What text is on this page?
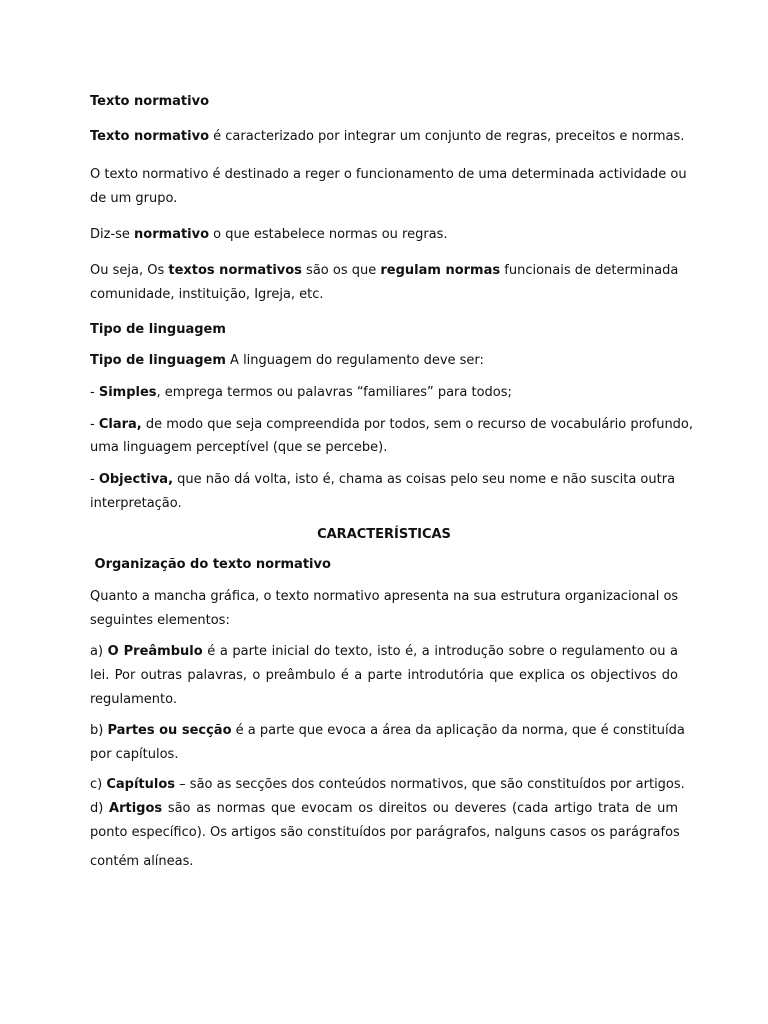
Texto normativo
Texto normativo é caracterizado por integrar um conjunto de regras, preceitos e normas.
O texto normativo é destinado a reger o funcionamento de uma determinada actividade ou
de um grupo.
Diz-se normativo o que estabelece normas ou regras.
Ou seja, Os textos normativos são os que regulam normas funcionais de determinada
comunidade, instituição, Igreja, etc.
Tipo de linguagem
Tipo de linguagem A linguagem do regulamento deve ser:
- Simples, emprega termos ou palavras “familiares” para todos;
- Clara, de modo que seja compreendida por todos, sem o recurso de vocabulário profundo,
uma linguagem perceptível (que se percebe).
- Objectiva, que não dá volta, isto é, chama as coisas pelo seu nome e não suscita outra
interpretação.
CARACTERÍSTICAS
Organização do texto normativo
Quanto a mancha gráfica, o texto normativo apresenta na sua estrutura organizacional os
seguintes elementos:
a) O Preâmbulo é a parte inicial do texto, isto é, a introdução sobre o regulamento ou a
lei. Por outras palavras, o preâmbulo é a parte introdutória que explica os objectivos do
regulamento.
b) Partes ou secção é a parte que evoca a área da aplicação da norma, que é constituída
por capítulos.
c) Capítulos – são as secções dos conteúdos normativos, que são constituídos por artigos.
d) Artigos são as normas que evocam os direitos ou deveres (cada artigo trata de um
ponto específico). Os artigos são constituídos por parágrafos, nalguns casos os parágrafos
contém alíneas.
